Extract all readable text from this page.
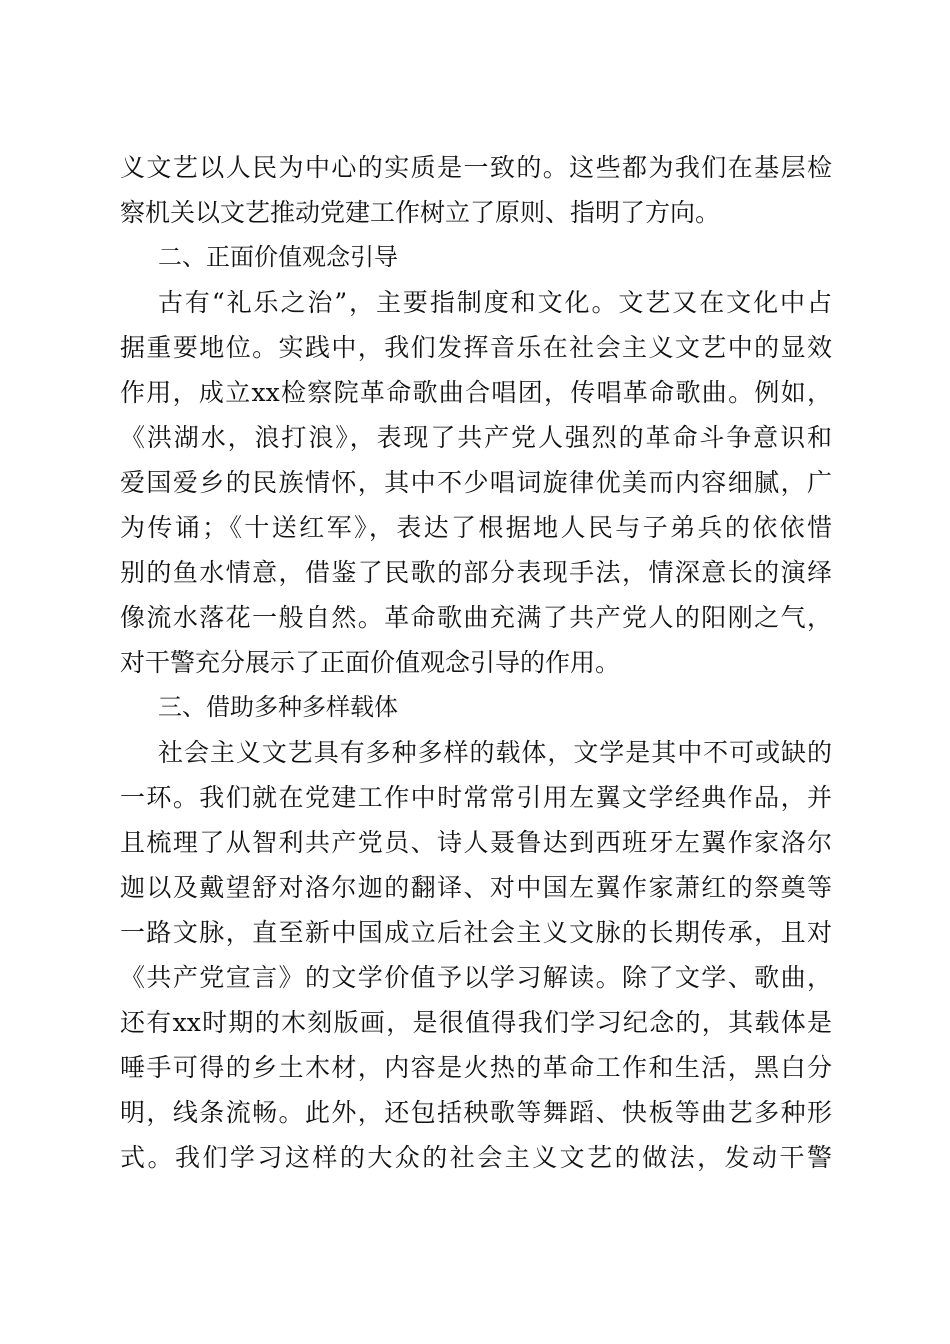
义文艺以人民为中心的实质是一致的。这些都为我们在基层检
察机关以文艺推动党建工作树立了原则、指明了方向。
二、正面价值观念引导
古有“礼乐之治”，主要指制度和文化。文艺又在文化中占
据重要地位。实践中，我们发挥音乐在社会主义文艺中的显效
作用，成立xx检察院革命歌曲合唱团，传唱革命歌曲。例如，
《洪湖水，浪打浪》，表现了共产党人强烈的革命斗争意识和
爱国爱乡的民族情怀，其中不少唱词旋律优美而内容细腻，广
为传诵；《十送红军》，表达了根据地人民与子弟兵的依依惜
别的鱼水情意，借鉴了民歌的部分表现手法，情深意长的演绎
像流水落花一般自然。革命歌曲充满了共产党人的阳刚之气，
对干警充分展示了正面价值观念引导的作用。
三、借助多种多样载体
社会主义文艺具有多种多样的载体，文学是其中不可或缺的
一环。我们就在党建工作中时常常引用左翼文学经典作品，并
且梳理了从智利共产党员、诗人聂鲁达到西班牙左翼作家洛尔
迦以及戴望舒对洛尔迦的翻译、对中国左翼作家萧红的祭奠等
一路文脉，直至新中国成立后社会主义文脉的长期传承，且对
《共产党宣言》的文学价值予以学习解读。除了文学、歌曲，
还有xx时期的木刻版画，是很值得我们学习纪念的，其载体是
唾手可得的乡土木材，内容是火热的革命工作和生活，黑白分
明，线条流畅。此外，还包括秧歌等舞蹈、快板等曲艺多种形
式。我们学习这样的大众的社会主义文艺的做法，发动干警
